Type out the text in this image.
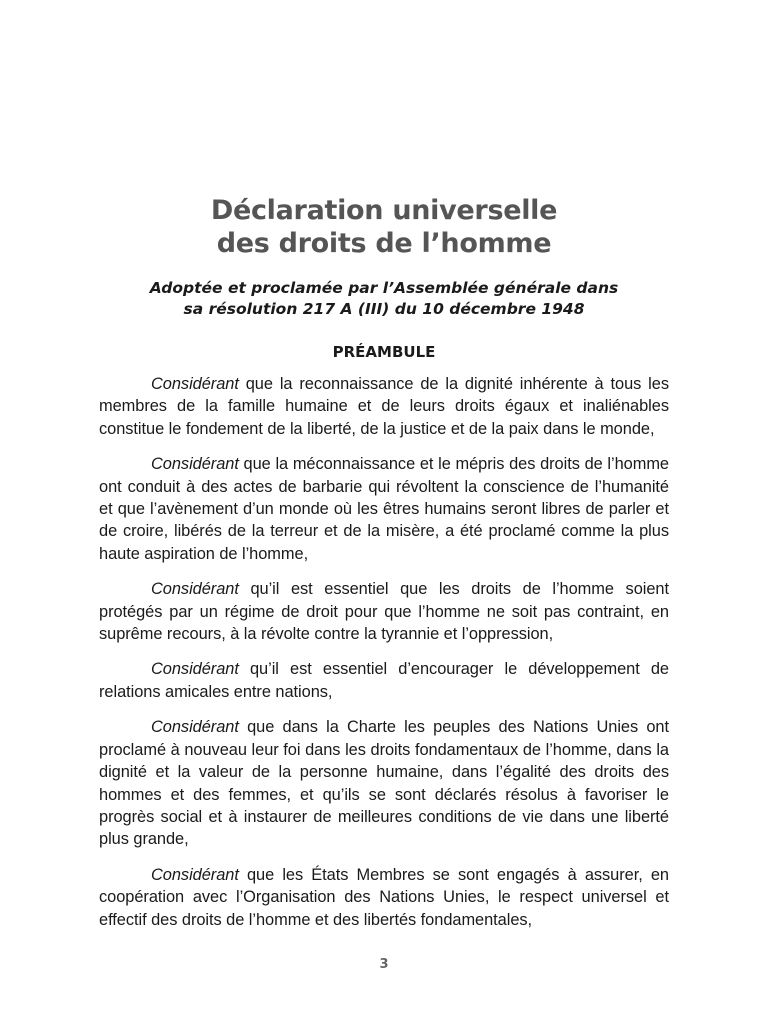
Déclaration universelle
des droits de l’homme
Adoptée et proclamée par l’Assemblée générale dans
sa résolution 217 A (III) du 10 décembre 1948
PRÉAMBULE

Considérant que la reconnaissance de la dignité inhérente à tous les membres de la famille humaine et de leurs droits égaux et inaliénables constitue le fondement de la liberté, de la justice et de la paix dans le monde,

Considérant que la méconnaissance et le mépris des droits de l’homme ont conduit à des actes de barbarie qui révoltent la conscience de l’humanité et que l’avènement d’un monde où les êtres humains seront libres de parler et de croire, libérés de la terreur et de la misère, a été proclamé comme la plus haute aspiration de l’homme,

Considérant qu’il est essentiel que les droits de l’homme soient protégés par un régime de droit pour que l’homme ne soit pas contraint, en suprême recours, à la révolte contre la tyrannie et l’oppression,

Considérant qu’il est essentiel d’encourager le développement de relations amicales entre nations,

Considérant que dans la Charte les peuples des Nations Unies ont proclamé à nouveau leur foi dans les droits fondamentaux de l’homme, dans la dignité et la valeur de la personne humaine, dans l’égalité des droits des hommes et des femmes, et qu’ils se sont déclarés résolus à favoriser le progrès social et à instaurer de meilleures conditions de vie dans une liberté plus grande,

Considérant que les États Membres se sont engagés à assurer, en coopération avec l’Organisation des Nations Unies, le respect universel et effectif des droits de l’homme et des libertés fondamentales,

3
